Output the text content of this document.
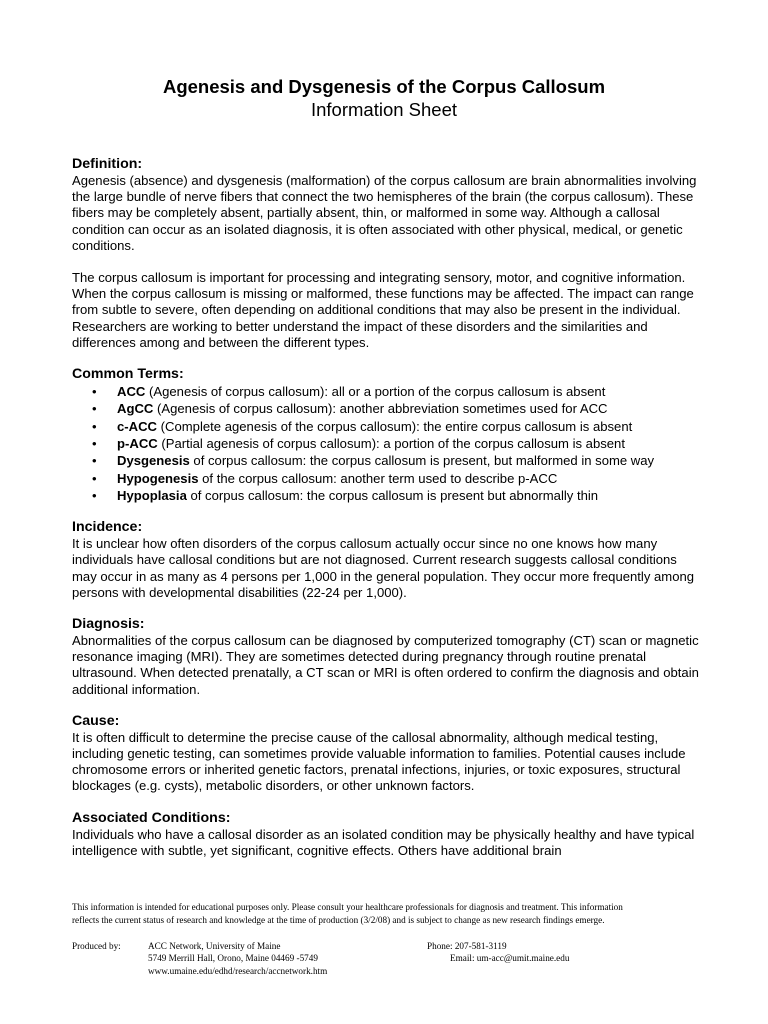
Agenesis and Dysgenesis of the Corpus Callosum
Information Sheet
Definition:

Agenesis (absence) and dysgenesis (malformation) of the corpus callosum are brain abnormalities involving the large bundle of nerve fibers that connect the two hemispheres of the brain (the corpus callosum). These fibers may be completely absent, partially absent, thin, or malformed in some way. Although a callosal condition can occur as an isolated diagnosis, it is often associated with other physical, medical, or genetic conditions.

The corpus callosum is important for processing and integrating sensory, motor, and cognitive information. When the corpus callosum is missing or malformed, these functions may be affected. The impact can range from subtle to severe, often depending on additional conditions that may also be present in the individual. Researchers are working to better understand the impact of these disorders and the similarities and differences among and between the different types.

Common Terms:
• ACC (Agenesis of corpus callosum): all or a portion of the corpus callosum is absent
• AgCC (Agenesis of corpus callosum): another abbreviation sometimes used for ACC
• c-ACC (Complete agenesis of the corpus callosum): the entire corpus callosum is absent
• p-ACC (Partial agenesis of corpus callosum): a portion of the corpus callosum is absent
• Dysgenesis of corpus callosum: the corpus callosum is present, but malformed in some way
• Hypogenesis of the corpus callosum: another term used to describe p-ACC
• Hypoplasia of corpus callosum: the corpus callosum is present but abnormally thin
Incidence:

It is unclear how often disorders of the corpus callosum actually occur since no one knows how many individuals have callosal conditions but are not diagnosed. Current research suggests callosal conditions may occur in as many as 4 persons per 1,000 in the general population. They occur more frequently among persons with developmental disabilities (22-24 per 1,000).

Diagnosis:

Abnormalities of the corpus callosum can be diagnosed by computerized tomography (CT) scan or magnetic resonance imaging (MRI). They are sometimes detected during pregnancy through routine prenatal ultrasound. When detected prenatally, a CT scan or MRI is often ordered to confirm the diagnosis and obtain additional information.

Cause:

It is often difficult to determine the precise cause of the callosal abnormality, although medical testing, including genetic testing, can sometimes provide valuable information to families. Potential causes include chromosome errors or inherited genetic factors, prenatal infections, injuries, or toxic exposures, structural blockages (e.g. cysts), metabolic disorders, or other unknown factors.

Associated Conditions:

Individuals who have a callosal disorder as an isolated condition may be physically healthy and have typical intelligence with subtle, yet significant, cognitive effects. Others have additional brain

This information is intended for educational purposes only. Please consult your healthcare professionals for diagnosis and treatment. This information
reflects the current status of research and knowledge at the time of production (3/2/08) and is subject to change as new research findings emerge.
Produced by:	ACC Network, University of Maine
5749 Merrill Hall, Orono, Maine 04469 -5749
www.umaine.edu/edhd/research/accnetwork.htm
Phone: 207-581-3119
Email: um-acc@umit.maine.edu
